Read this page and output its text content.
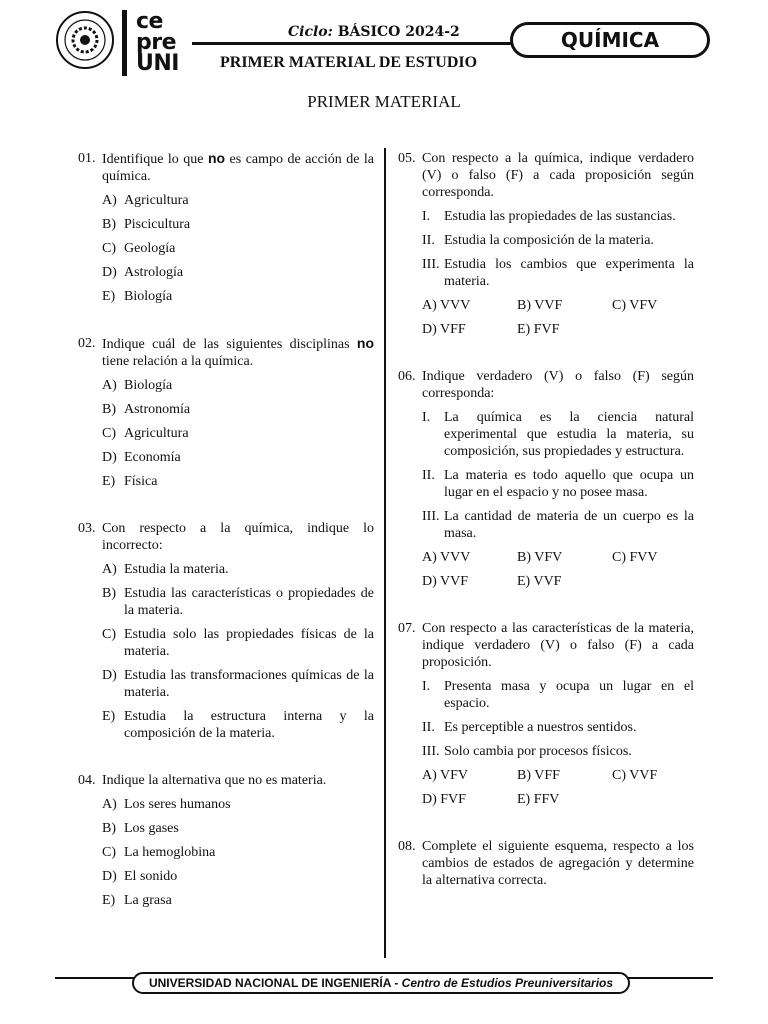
ce
pre
UNI
Ciclo: BÁSICO 2024-2	QUÍMICA
PRIMER MATERIAL DE ESTUDIO
PRIMER MATERIAL
01. Identifique lo que no es campo de acción de la química.
A) Agricultura
B) Piscicultura
C) Geología
D) Astrología
E) Biología
02. Indique cuál de las siguientes disciplinas no tiene relación a la química.
A) Biología
B) Astronomía
C) Agricultura
D) Economía
E) Física
03. Con respecto a la química, indique lo incorrecto:
A) Estudia la materia.
B) Estudia las características o propiedades de la materia.
C) Estudia solo las propiedades físicas de la materia.
D) Estudia las transformaciones químicas de la materia.
E) Estudia la estructura interna y la composición de la materia.
04. Indique la alternativa que no es materia.
A) Los seres humanos
B) Los gases
C) La hemoglobina
D) El sonido
E) La grasa
05. Con respecto a la química, indique verdadero (V) o falso (F) a cada proposición según corresponda.
I. Estudia las propiedades de las sustancias.
II. Estudia la composición de la materia.
III. Estudia los cambios que experimenta la materia.
A) VVV	B) VVF	C) VFV
D) VFF	E) FVF
06. Indique verdadero (V) o falso (F) según corresponda:
I. La química es la ciencia natural experimental que estudia la materia, su composición, sus propiedades y estructura.
II. La materia es todo aquello que ocupa un lugar en el espacio y no posee masa.
III. La cantidad de materia de un cuerpo es la masa.
A) VVV	B) VFV	C) FVV
D) VVF	E) VVF
07. Con respecto a las características de la materia, indique verdadero (V) o falso (F) a cada proposición.
I. Presenta masa y ocupa un lugar en el espacio.
II. Es perceptible a nuestros sentidos.
III. Solo cambia por procesos físicos.
A) VFV	B) VFF	C) VVF
D) FVF	E) FFV
08. Complete el siguiente esquema, respecto a los cambios de estados de agregación y determine la alternativa correcta.
UNIVERSIDAD NACIONAL DE INGENIERÍA - Centro de Estudios Preuniversitarios
